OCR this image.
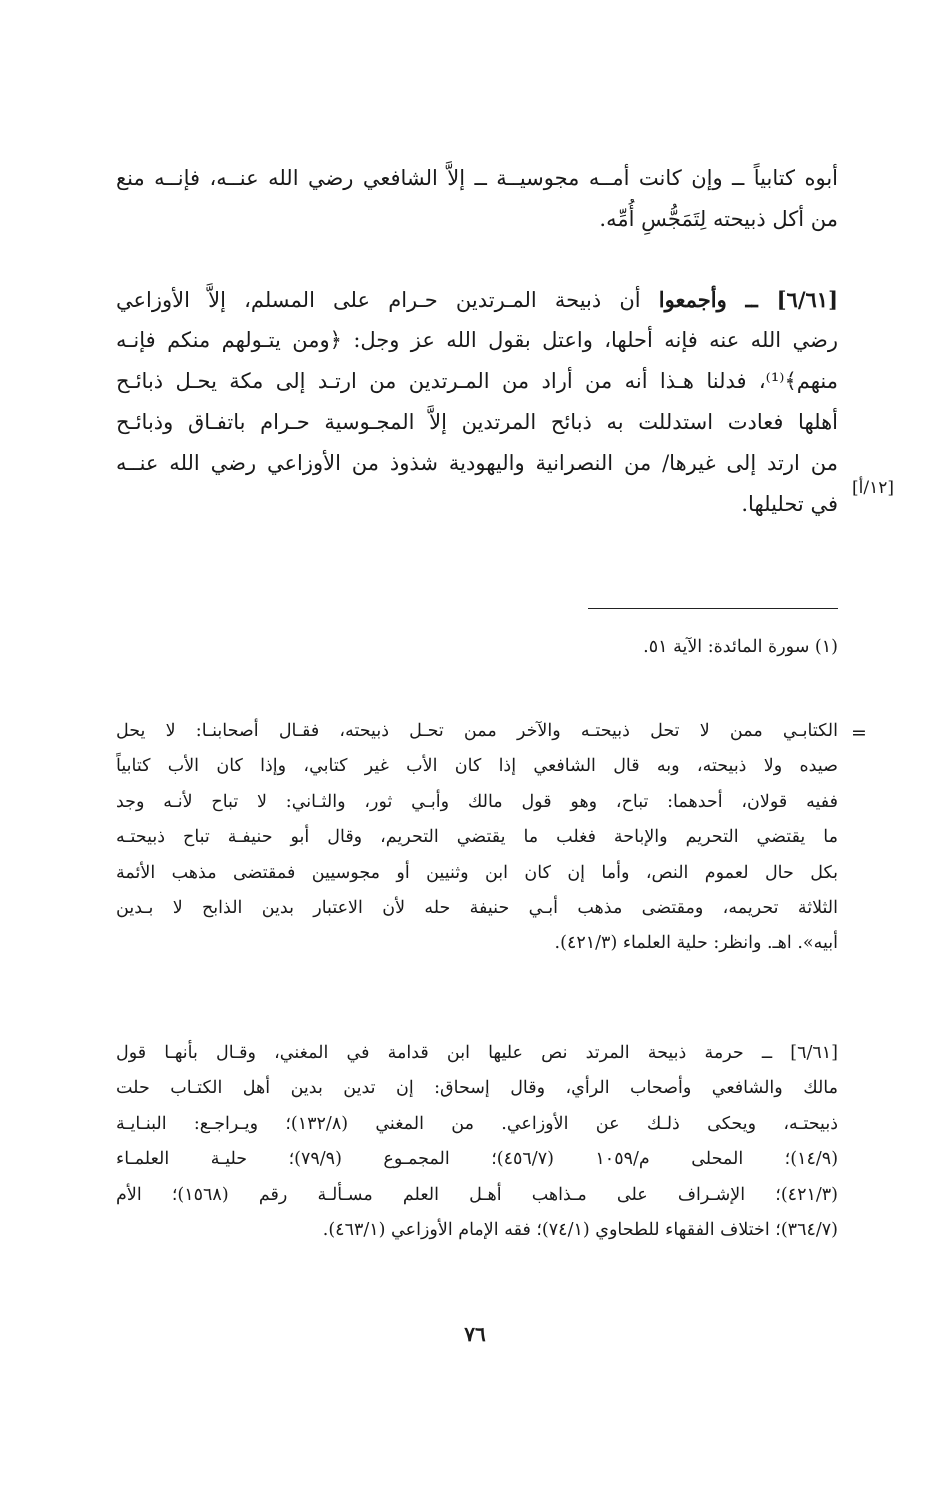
أبوه كتابياً ــ وإن كانت أمــه مجوسيــة ــ إلاَّ الشافعي رضي الله عنــه، فإنــه منع
من أكل ذبيحته لِتَمَجُّسِ أُمِّه.
[٦/٦١] ــ وأجمعوا أن ذبيحة المـرتدين حـرام على المسلم، إلاَّ الأوزاعي
رضي الله عنه فإنه أحلها، واعتل بقول الله عز وجل: ﴿ومن يتـولهم منكم فإنـه
منهم﴾⁽¹⁾، فدلنا هـذا أنه من أراد من المـرتدين من ارتـد إلى مكة يحـل ذبائـح
أهلها فعادت استدللت به ذبائح المرتدين إلاَّ المجـوسية حـرام باتفـاق وذبائـح
من ارتد إلى غيرها/ من النصرانية واليهودية شذوذ من الأوزاعي رضي الله عنــه
في تحليلها.
[١٢/أ]
(١) سورة المائدة: الآية ٥١.
=
الكتابـي ممن لا تحل ذبيحتـه والآخر ممن تحـل ذبيحته، فقـال أصحابنـا: لا يحل
صيده ولا ذبيحته، وبه قال الشافعي إذا كان الأب غير كتابي، وإذا كان الأب كتابياً
ففيه قولان، أحدهما: تباح، وهو قول مالك وأبـي ثور، والثـاني: لا تباح لأنـه وجد
ما يقتضي التحريم والإباحة فغلب ما يقتضي التحريم، وقال أبو حنيفـة تباح ذبيحتـه
بكل حال لعموم النص، وأما إن كان ابن وثنيين أو مجوسيين فمقتضى مذهب الأئمة
الثلاثة تحريمه، ومقتضى مذهب أبـي حنيفة حله لأن الاعتبار بدين الذابح لا بـدين
أبيه». اهـ. وانظر: حلية العلماء (٤٢١/٣).
[٦/٦١] ــ حرمة ذبيحة المرتد نص عليها ابن قدامة في المغني، وقـال بأنهـا قول
مالك والشافعي وأصحاب الرأي، وقال إسحاق: إن تدين بدين أهل الكتـاب حلت
ذبيحتـه، ويحكى ذلـك عن الأوزاعي. من المغني (١٣٢/٨)؛ ويـراجـع: البنـايـة
(١٤/٩)؛ المحلى م/١٠٥٩ (٤٥٦/٧)؛ المجمـوع (٧٩/٩)؛ حليـة العلمـاء
(٤٢١/٣)؛ الإشـراف على مـذاهب أهـل العلم مسـألـة رقم (١٥٦٨)؛ الأم
(٣٦٤/٧)؛ اختلاف الفقهاء للطحاوي (٧٤/١)؛ فقه الإمام الأوزاعي (٤٦٣/١).
٧٦
